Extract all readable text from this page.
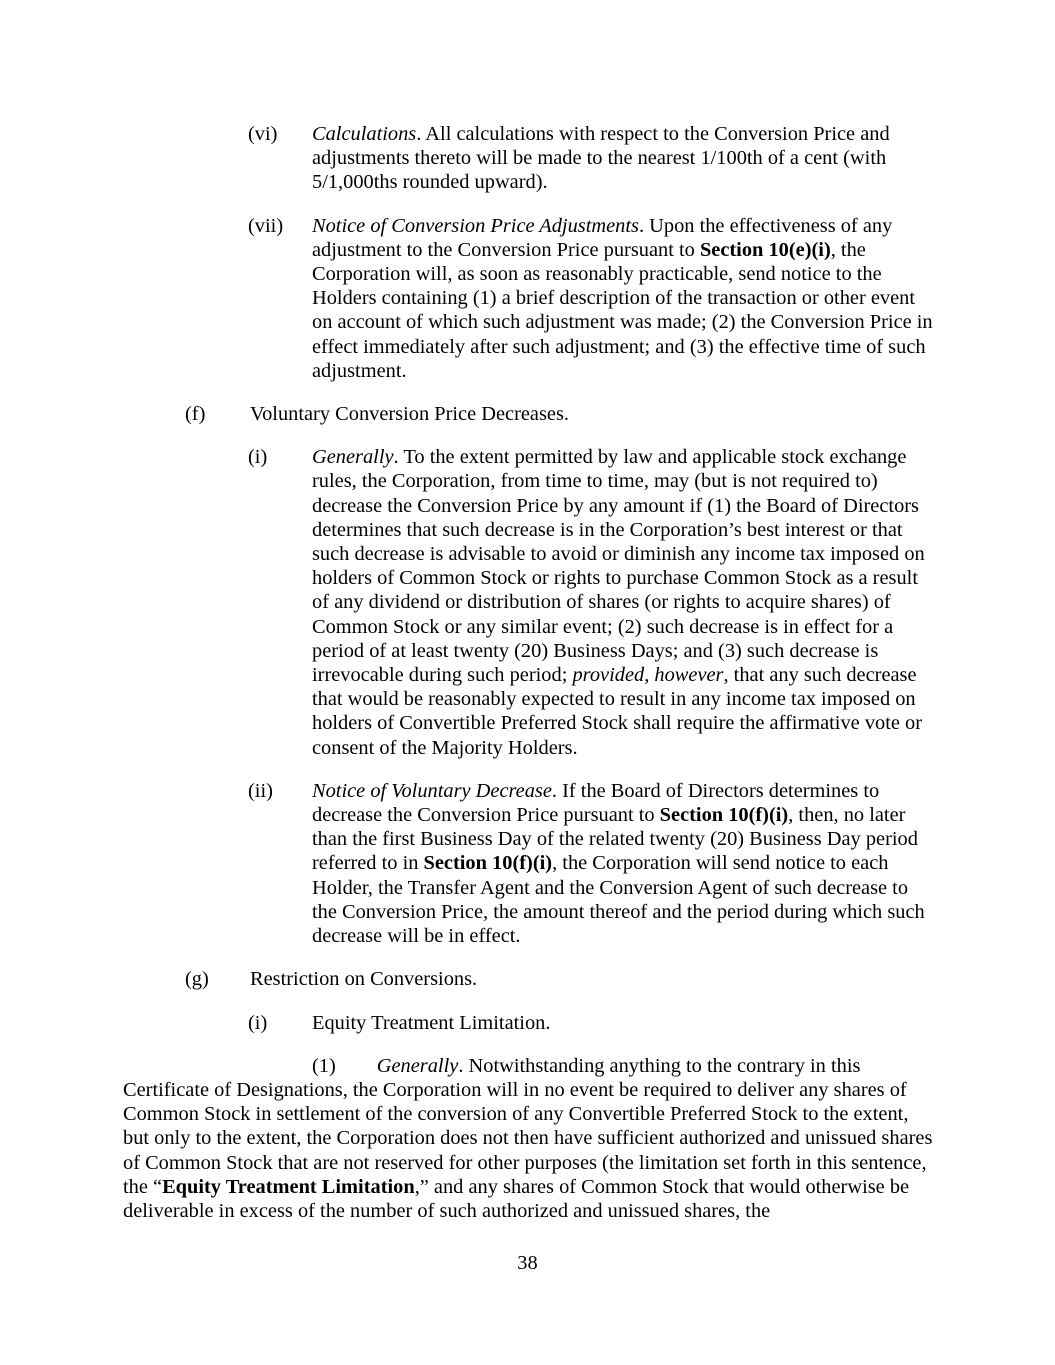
(vi) Calculations. All calculations with respect to the Conversion Price and adjustments thereto will be made to the nearest 1/100th of a cent (with 5/1,000ths rounded upward).
(vii) Notice of Conversion Price Adjustments. Upon the effectiveness of any adjustment to the Conversion Price pursuant to Section 10(e)(i), the Corporation will, as soon as reasonably practicable, send notice to the Holders containing (1) a brief description of the transaction or other event on account of which such adjustment was made; (2) the Conversion Price in effect immediately after such adjustment; and (3) the effective time of such adjustment.
(f) Voluntary Conversion Price Decreases.
(i) Generally. To the extent permitted by law and applicable stock exchange rules, the Corporation, from time to time, may (but is not required to) decrease the Conversion Price by any amount if (1) the Board of Directors determines that such decrease is in the Corporation’s best interest or that such decrease is advisable to avoid or diminish any income tax imposed on holders of Common Stock or rights to purchase Common Stock as a result of any dividend or distribution of shares (or rights to acquire shares) of Common Stock or any similar event; (2) such decrease is in effect for a period of at least twenty (20) Business Days; and (3) such decrease is irrevocable during such period; provided, however, that any such decrease that would be reasonably expected to result in any income tax imposed on holders of Convertible Preferred Stock shall require the affirmative vote or consent of the Majority Holders.
(ii) Notice of Voluntary Decrease. If the Board of Directors determines to decrease the Conversion Price pursuant to Section 10(f)(i), then, no later than the first Business Day of the related twenty (20) Business Day period referred to in Section 10(f)(i), the Corporation will send notice to each Holder, the Transfer Agent and the Conversion Agent of such decrease to the Conversion Price, the amount thereof and the period during which such decrease will be in effect.
(g) Restriction on Conversions.
(i) Equity Treatment Limitation.
(1) Generally. Notwithstanding anything to the contrary in this Certificate of Designations, the Corporation will in no event be required to deliver any shares of Common Stock in settlement of the conversion of any Convertible Preferred Stock to the extent, but only to the extent, the Corporation does not then have sufficient authorized and unissued shares of Common Stock that are not reserved for other purposes (the limitation set forth in this sentence, the “Equity Treatment Limitation,” and any shares of Common Stock that would otherwise be deliverable in excess of the number of such authorized and unissued shares, the
38
